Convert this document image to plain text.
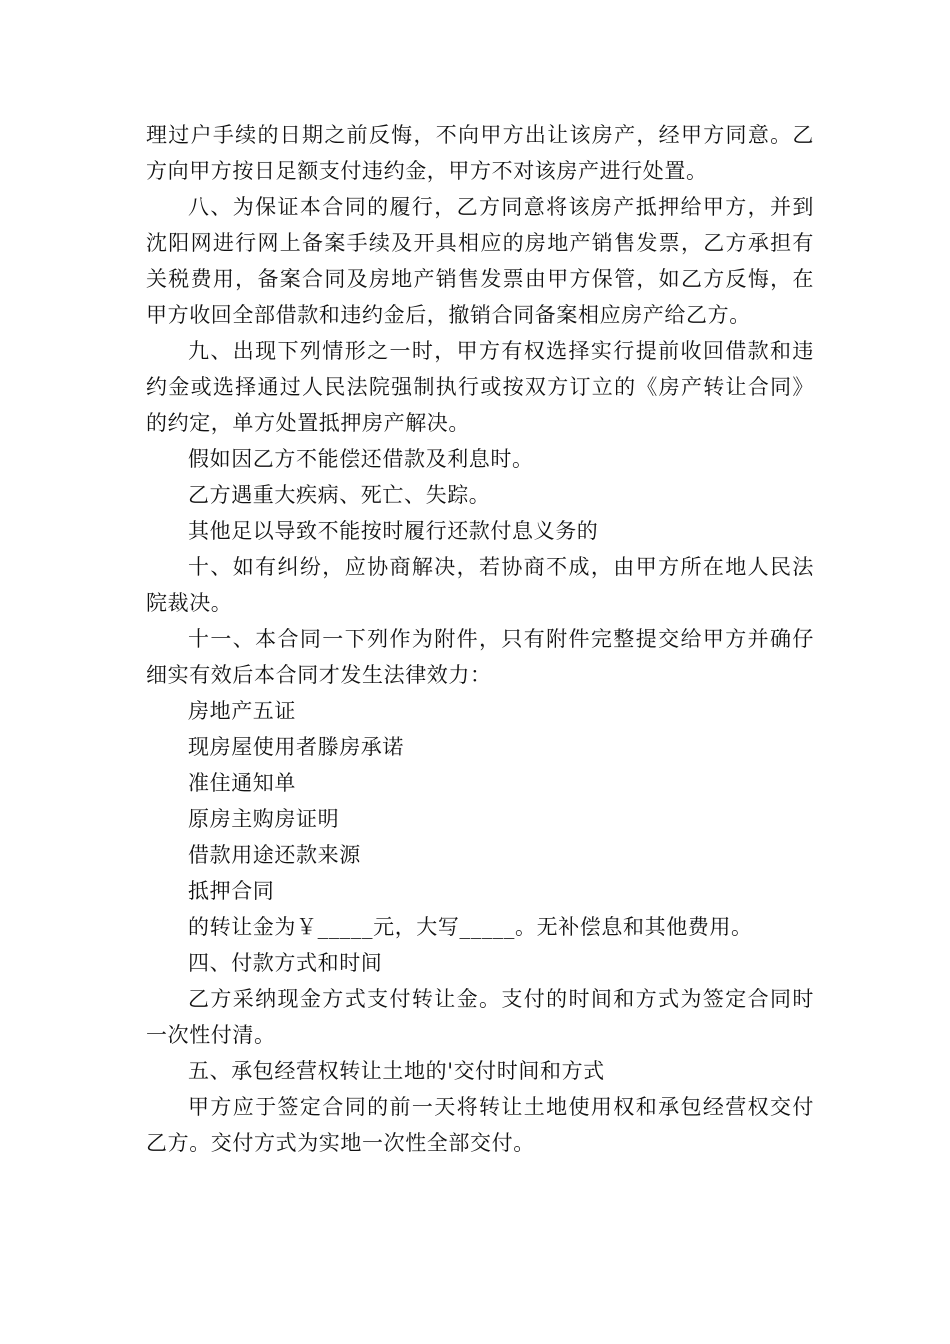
理过户手续的日期之前反悔，不向甲方出让该房产，经甲方同意。乙方向甲方按日足额支付违约金，甲方不对该房产进行处置。

八、为保证本合同的履行，乙方同意将该房产抵押给甲方，并到沈阳网进行网上备案手续及开具相应的房地产销售发票，乙方承担有关税费用，备案合同及房地产销售发票由甲方保管，如乙方反悔，在甲方收回全部借款和违约金后，撤销合同备案相应房产给乙方。

九、出现下列情形之一时，甲方有权选择实行提前收回借款和违约金或选择通过人民法院强制执行或按双方订立的《房产转让合同》的约定，单方处置抵押房产解决。

假如因乙方不能偿还借款及利息时。

乙方遇重大疾病、死亡、失踪。

其他足以导致不能按时履行还款付息义务的

十、如有纠纷，应协商解决，若协商不成，由甲方所在地人民法院裁决。

十一、本合同一下列作为附件，只有附件完整提交给甲方并确仔细实有效后本合同才发生法律效力：

房地产五证

现房屋使用者滕房承诺

准住通知单

原房主购房证明

借款用途还款来源

抵押合同

的转让金为￥_____元，大写_____。无补偿息和其他费用。

四、付款方式和时间

乙方采纳现金方式支付转让金。支付的时间和方式为签定合同时一次性付清。

五、承包经营权转让土地的'交付时间和方式

甲方应于签定合同的前一天将转让土地使用权和承包经营权交付乙方。交付方式为实地一次性全部交付。
